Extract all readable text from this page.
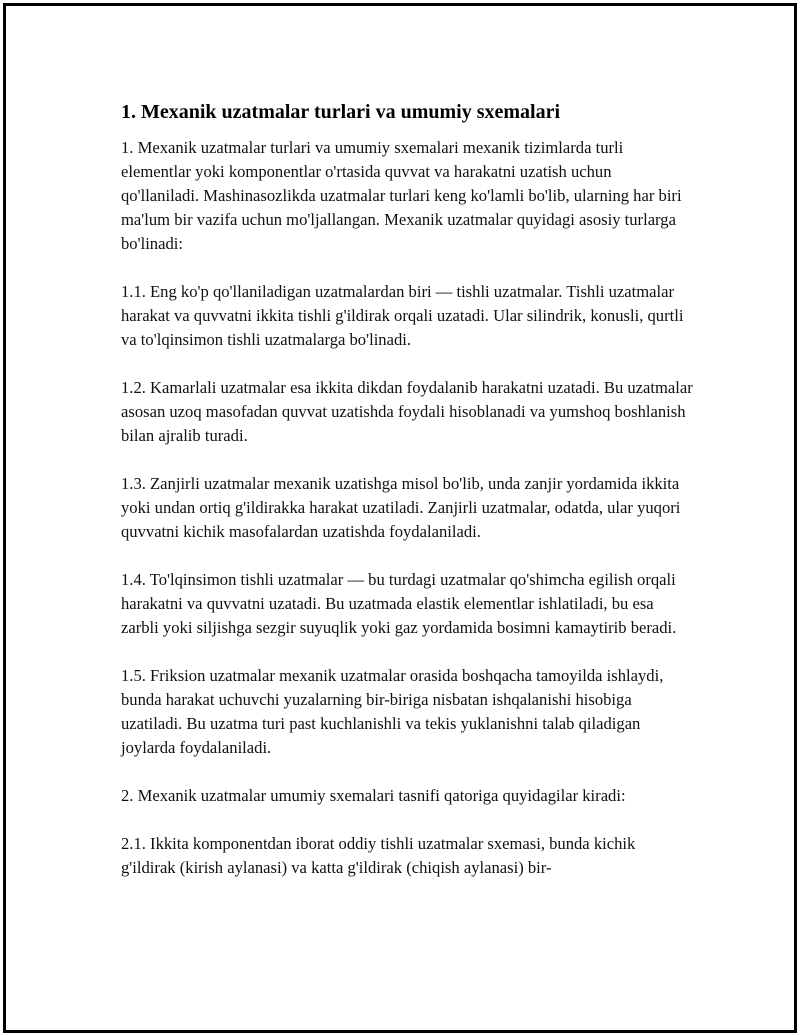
1. Mexanik uzatmalar turlari va umumiy sxemalari

1. Mexanik uzatmalar turlari va umumiy sxemalari mexanik tizimlarda turli elementlar yoki komponentlar o'rtasida quvvat va harakatni uzatish uchun qo'llaniladi. Mashinasozlikda uzatmalar turlari keng ko'lamli bo'lib, ularning har biri ma'lum bir vazifa uchun mo'ljallangan. Mexanik uzatmalar quyidagi asosiy turlarga bo'linadi:

1.1. Eng ko'p qo'llaniladigan uzatmalardan biri — tishli uzatmalar. Tishli uzatmalar harakat va quvvatni ikkita tishli g'ildirak orqali uzatadi. Ular silindrik, konusli, qurtli va to'lqinsimon tishli uzatmalarga bo'linadi.

1.2. Kamarlali uzatmalar esa ikkita dikdan foydalanib harakatni uzatadi. Bu uzatmalar asosan uzoq masofadan quvvat uzatishda foydali hisoblanadi va yumshoq boshlanish bilan ajralib turadi.

1.3. Zanjirli uzatmalar mexanik uzatishga misol bo'lib, unda zanjir yordamida ikkita yoki undan ortiq g'ildirakka harakat uzatiladi. Zanjirli uzatmalar, odatda, ular yuqori quvvatni kichik masofalardan uzatishda foydalaniladi.

1.4. To'lqinsimon tishli uzatmalar — bu turdagi uzatmalar qo'shimcha egilish orqali harakatni va quvvatni uzatadi. Bu uzatmada elastik elementlar ishlatiladi, bu esa zarbli yoki siljishga sezgir suyuqlik yoki gaz yordamida bosimni kamaytirib beradi.

1.5. Friksion uzatmalar mexanik uzatmalar orasida boshqacha tamoyilda ishlaydi, bunda harakat uchuvchi yuzalarning bir-biriga nisbatan ishqalanishi hisobiga uzatiladi. Bu uzatma turi past kuchlanishli va tekis yuklanishni talab qiladigan joylarda foydalaniladi.

2. Mexanik uzatmalar umumiy sxemalari tasnifi qatoriga quyidagilar kiradi:

2.1. Ikkita komponentdan iborat oddiy tishli uzatmalar sxemasi, bunda kichik g'ildirak (kirish aylanasi) va katta g'ildirak (chiqish aylanasi) bir-
